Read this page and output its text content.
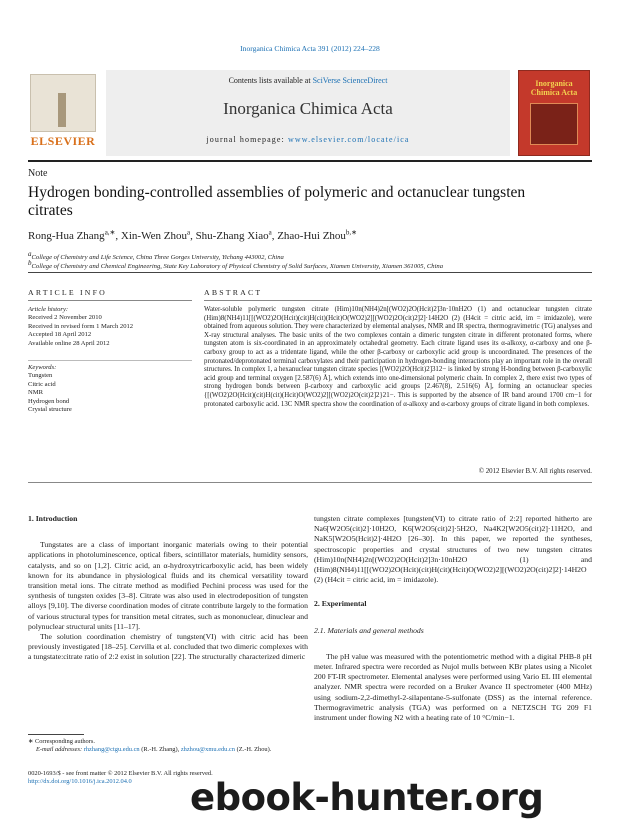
Inorganica Chimica Acta 391 (2012) 224–228
ELSEVIER
Contents lists available at SciVerse ScienceDirect
Inorganica Chimica Acta
journal homepage: www.elsevier.com/locate/ica
Inorganica
Chimica Acta
Note
Hydrogen bonding-controlled assemblies of polymeric and octanuclear tungsten citrates
Rong-Hua Zhang$^{a,∗}$, Xin-Wen Zhou$^a$, Shu-Zhang Xiao$^a$, Zhao-Hui Zhou$^{b,∗}$
$^a$College of Chemistry and Life Science, China Three Gorges University, Yichang 443002, China
$^b$College of Chemistry and Chemical Engineering, State Key Laboratory of Physical Chemistry of Solid Surfaces, Xiamen University, Xiamen 361005, China
ARTICLE INFO	ABSTRACT
Article history:
Received 2 November 2010
Received in revised form 1 March 2012
Accepted 18 April 2012
Available online 28 April 2012
Keywords:
Tungsten
Citric acid
NMR
Hydrogen bond
Crystal structure
Water-soluble polymeric tungsten citrate (Him)10n(NH4)2n[(WO2)2O(Hcit)2]3n·10nH2O (1) and octanuclear tungsten citrate (Him)8(NH4)11[[(WO2)2O(Hcit)(cit)H(cit)(Hcit)O(WO2)2][(WO2)2O(cit)2]2]·14H2O (2) (H4cit = citric acid, im = imidazole), were obtained from aqueous solution. They were characterized by elemental analyses, NMR and IR spectra, thermogravimetric (TG) analyses and X-ray structural analyses. The basic units of the two complexes contain a dimeric tungsten citrate in different protonated forms, where tungsten atom is six-coordinated in an approximately octahedral geometry. Each citrate ligand uses its α-alkoxy, α-carboxy and one β-carboxy group to act as a tridentate ligand, while the other β-carboxy or carboxylic acid group is uncoordinated. The presences of the protonated/deprotonated terminal carboxylates and their participation in hydrogen-bonding interactions play an important role in the overall structures. In complex 1, a hexanuclear tungsten citrate species [(WO2)2O(Hcit)2]312− is linked by strong H-bonding between β-carboxylic acid group and terminal oxygen [2.587(6) Å], which extends into one-dimensional polymeric chain. In complex 2, there exist two types of strong hydrogen bonds between β-carboxy and carboxylic acid groups [2.467(8), 2.516(6) Å], forming an octanuclear species {[(WO2)2O(Hcit)(cit)H(cit)(Hcit)O(WO2)2][(WO2)2O(cit)2]2}21−. This is supported by the absence of IR band around 1700 cm−1 for protonated carboxylic acid. 13C NMR spectra show the coordination of α-alkoxy and α-carboxy groups of citrate ligand in both complexes.
© 2012 Elsevier B.V. All rights reserved.

1. Introduction

Tungstates are a class of important inorganic materials owing to their potential applications in photoluminescence, optical fibers, scintillator materials, humidity sensors, catalysts, and so on [1,2]. Citric acid, an α-hydroxytricarboxylic acid, has been widely known for its abundance in physiological fluids and its chemical versatility toward transition metal ions. The citrate method as modified Pechini process was used for the synthesis of tungsten oxides [3–8]. Citrate was also used in electrodeposition of tungsten alloys [9,10]. The diverse coordination modes of citrate contribute largely to the formation of various structural types for transition metal citrates, such as mononuclear, dinuclear and polynuclear structural units [11–17].

The solution coordination chemistry of tungsten(VI) with citric acid has been previously investigated [18–25]. Cervilla et al. concluded that two dimeric complexes with a tungstate:citrate ratio of 2:2 exist in solution [22]. The structurally characterized dimeric

tungsten citrate complexes [tungsten(VI) to citrate ratio of 2:2] reported hitherto are Na6[W2O5(cit)2]·10H2O, K6[W2O5(cit)2]·5H2O, Na4K2[W2O5(cit)2]·11H2O, and NaK5[W2O5(Hcit)2]·4H2O [26–30]. In this paper, we reported the syntheses, spectroscopic properties and crystal structures of two new tungsten citrates (Him)10n(NH4)2n[(WO2)2O(Hcit)2]3n·10nH2O (1) and (Him)8(NH4)11[[(WO2)2O(Hcit)(cit)H(cit)(Hcit)O(WO2)2][(WO2)2O(cit)2]2]·14H2O (2) (H4cit = citric acid, im = imidazole).

2. Experimental

2.1. Materials and general methods

The pH value was measured with the potentiometric method with a digital PHB-8 pH meter. Infrared spectra were recorded as Nujol mulls between KBr plates using a Nicolet 200 FT-IR spectrometer. Elemental analyses were performed using Vario EL III elemental analyzer. NMR spectra were recorded on a Bruker Avance II spectrometer (400 MHz) using sodium-2,2-dimethyl-2-silapentane-5-sulfonate (DSS) as the internal reference. Thermogravimetric analysis (TGA) was performed on a NETZSCH TG 209 F1 instrument under flowing N2 with a heating rate of 10 °C/min−1.

∗ Corresponding authors.
E-mail addresses: rhzhang@ctgu.edu.cn (R.-H. Zhang), zhzhou@xmu.edu.cn (Z.-H. Zhou).
0020-1693/$ - see front matter © 2012 Elsevier B.V. All rights reserved.
http://dx.doi.org/10.1016/j.ica.2012.04.0	ebook-hunter.org
